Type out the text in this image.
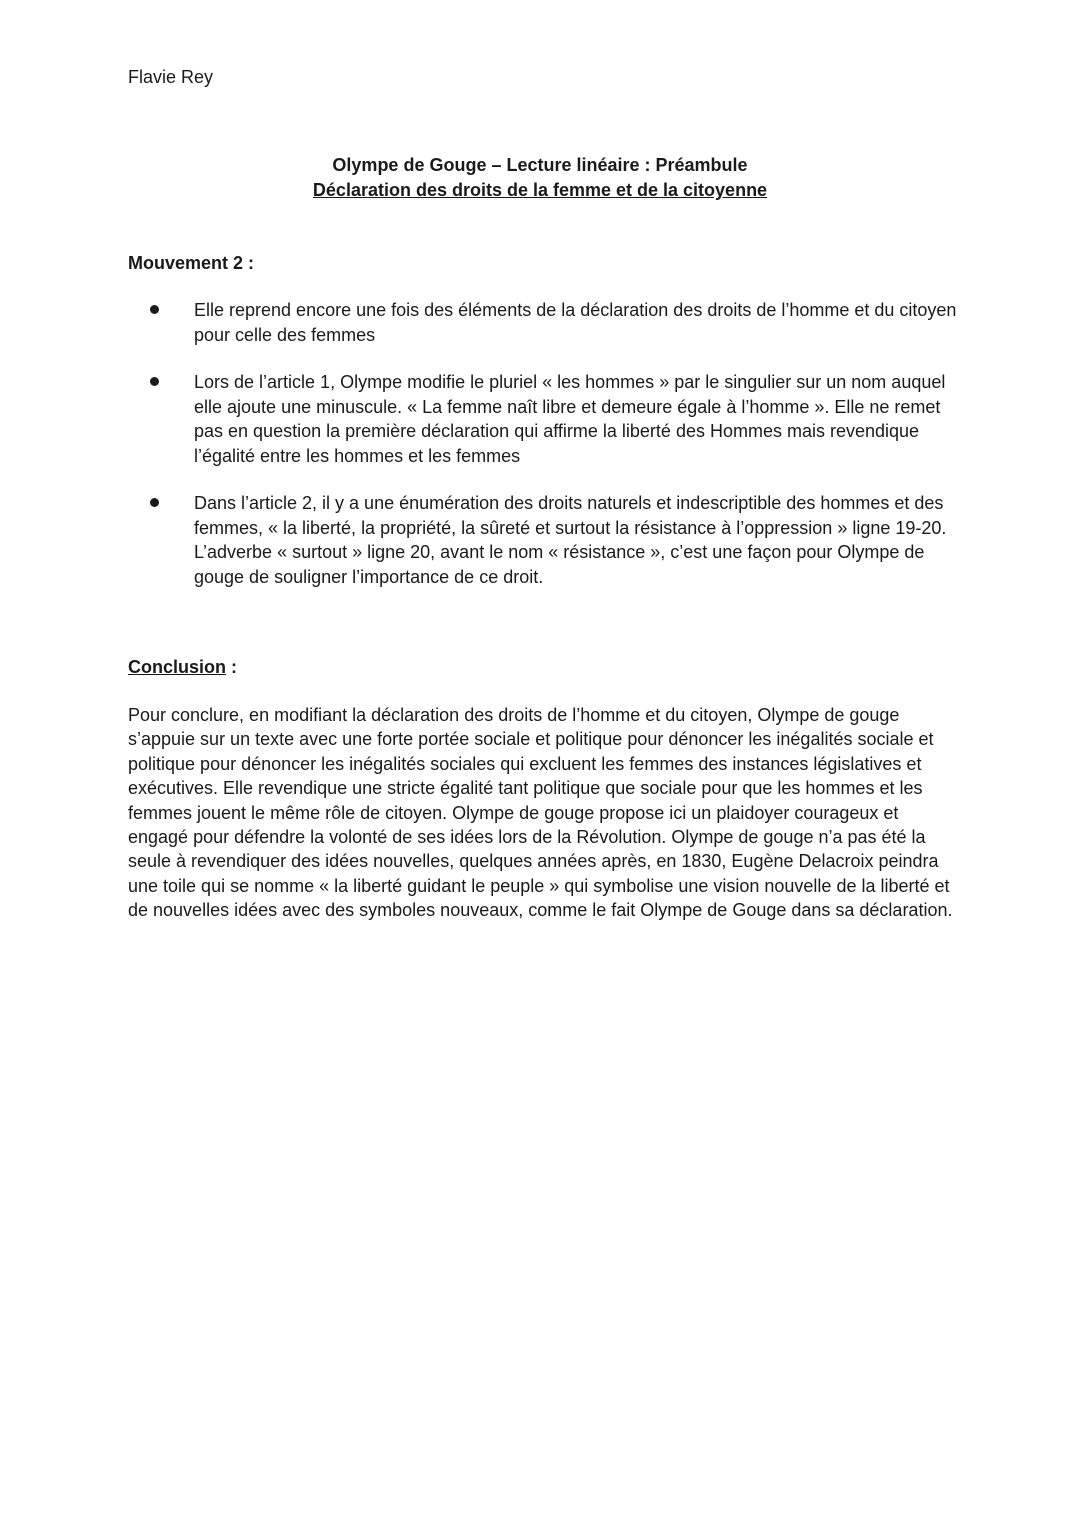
Flavie Rey
Olympe de Gouge – Lecture linéaire : Préambule
Déclaration des droits de la femme et de la citoyenne
Mouvement 2 :
Elle reprend encore une fois des éléments de la déclaration des droits de l’homme et du citoyen pour celle des femmes
Lors de l’article 1, Olympe modifie le pluriel « les hommes » par le singulier sur un nom auquel elle ajoute une minuscule. « La femme naît libre et demeure égale à l’homme ». Elle ne remet pas en question la première déclaration qui affirme la liberté des Hommes mais revendique l’égalité entre les hommes et les femmes
Dans l’article 2, il y a une énumération des droits naturels et indescriptible des hommes et des femmes, « la liberté, la propriété, la sûreté et surtout la résistance à l’oppression » ligne 19-20. L’adverbe « surtout » ligne 20, avant le nom « résistance », c’est une façon pour Olympe de gouge de souligner l’importance de ce droit.
Conclusion :

Pour conclure, en modifiant la déclaration des droits de l’homme et du citoyen, Olympe de gouge s’appuie sur un texte avec une forte portée sociale et politique pour dénoncer les inégalités sociale et politique pour dénoncer les inégalités sociales qui excluent les femmes des instances législatives et exécutives. Elle revendique une stricte égalité tant politique que sociale pour que les hommes et les femmes jouent le même rôle de citoyen. Olympe de gouge propose ici un plaidoyer courageux et engagé pour défendre la volonté de ses idées lors de la Révolution. Olympe de gouge n’a pas été la seule à revendiquer des idées nouvelles, quelques années après, en 1830, Eugène Delacroix peindra une toile qui se nomme « la liberté guidant le peuple » qui symbolise une vision nouvelle de la liberté et de nouvelles idées avec des symboles nouveaux, comme le fait Olympe de Gouge dans sa déclaration.
